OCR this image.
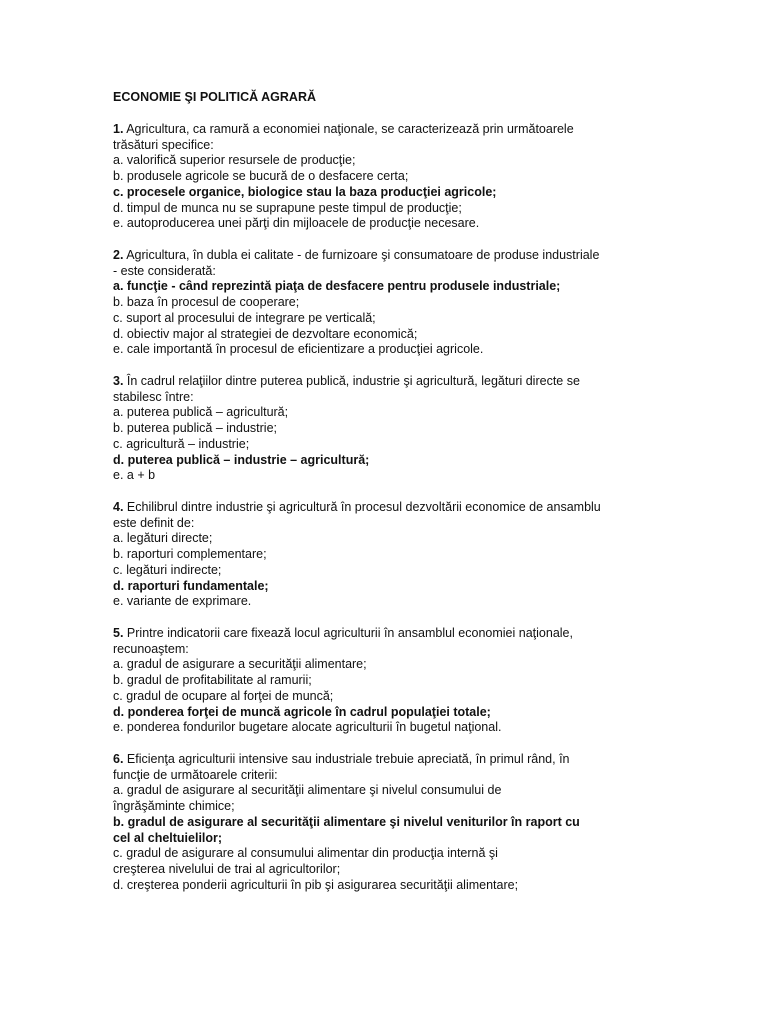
ECONOMIE ŞI POLITICĂ AGRARĂ
1. Agricultura, ca ramură a economiei naţionale, se caracterizează prin următoarele
trăsături specifice:
a. valorifică superior resursele de producţie;
b. produsele agricole se bucură de o desfacere certa;
c. procesele organice, biologice stau la baza producţiei agricole;
d. timpul de munca nu se suprapune peste timpul de producţie;
e. autoproducerea unei părţi din mijloacele de producţie necesare.
2. Agricultura, în dubla ei calitate - de furnizoare şi consumatoare de produse industriale
- este considerată:
a. funcţie - când reprezintă piaţa de desfacere pentru produsele industriale;
b. baza în procesul de cooperare;
c. suport al procesului de integrare pe verticală;
d. obiectiv major al strategiei de dezvoltare economică;
e. cale importantă în procesul de eficientizare a producţiei agricole.
3. În cadrul relaţiilor dintre puterea publică, industrie şi agricultură, legături directe se
stabilesc între:
a. puterea publică – agricultură;
b. puterea publică – industrie;
c. agricultură – industrie;
d. puterea publică – industrie – agricultură;
e. a + b
4. Echilibrul dintre industrie şi agricultură în procesul dezvoltării economice de ansamblu
este definit de:
a. legături directe;
b. raporturi complementare;
c. legături indirecte;
d. raporturi fundamentale;
e. variante de exprimare.
5. Printre indicatorii care fixează locul agriculturii în ansamblul economiei naţionale,
recunoaştem:
a. gradul de asigurare a securităţii alimentare;
b. gradul de profitabilitate al ramurii;
c. gradul de ocupare al forţei de muncă;
d. ponderea forţei de muncă agricole în cadrul populaţiei totale;
e. ponderea fondurilor bugetare alocate agriculturii în bugetul naţional.
6. Eficienţa agriculturii intensive sau industriale trebuie apreciată, în primul rând, în
funcţie de următoarele criterii:
a. gradul de asigurare al securităţii alimentare şi nivelul consumului de
îngrăşăminte chimice;
b. gradul de asigurare al securităţii alimentare şi nivelul veniturilor în raport cu
cel al cheltuielilor;
c. gradul de asigurare al consumului alimentar din producţia internă şi
creşterea nivelului de trai al agricultorilor;
d. creşterea ponderii agriculturii în pib şi asigurarea securităţii alimentare;
